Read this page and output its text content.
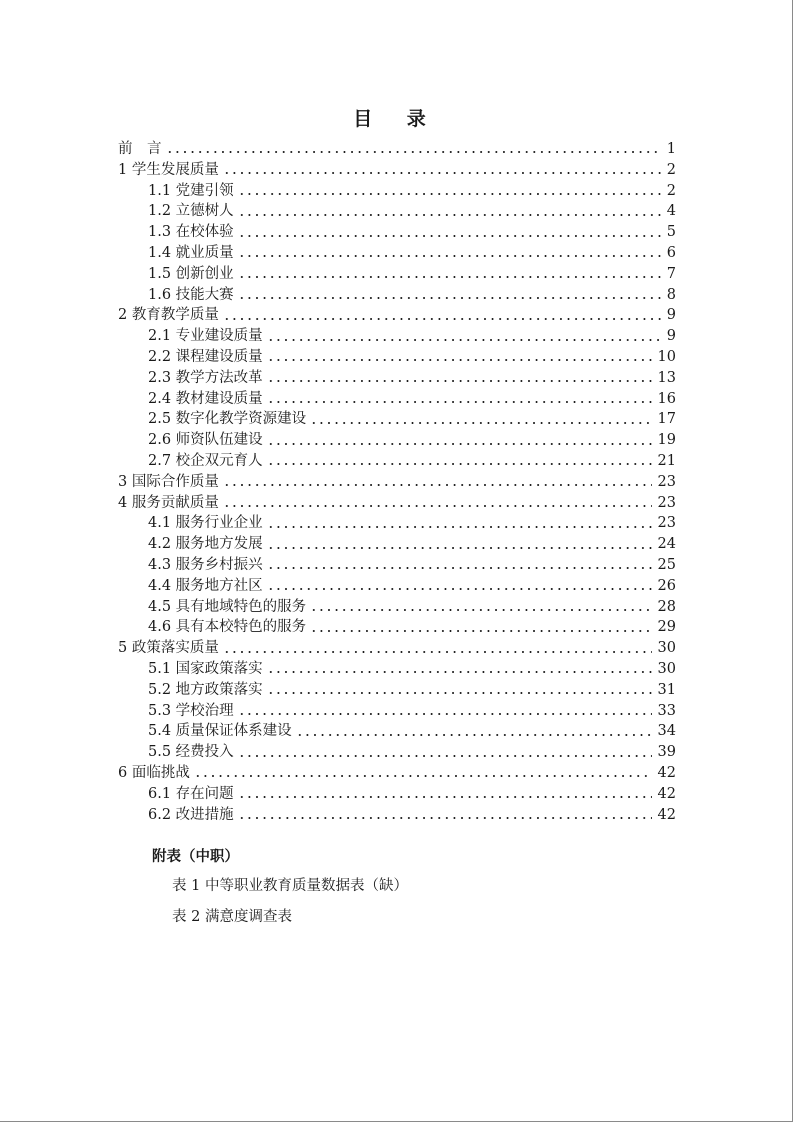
目 录
前　言	1
1 学生发展质量	2
1.1 党建引领	2
1.2 立德树人	4
1.3 在校体验	5
1.4 就业质量	6
1.5 创新创业	7
1.6 技能大赛	8
2 教育教学质量	9
2.1 专业建设质量	9
2.2 课程建设质量	10
2.3 教学方法改革	13
2.4 教材建设质量	16
2.5 数字化教学资源建设	17
2.6 师资队伍建设	19
2.7 校企双元育人	21
3 国际合作质量	23
4 服务贡献质量	23
4.1 服务行业企业	23
4.2 服务地方发展	24
4.3 服务乡村振兴	25
4.4 服务地方社区	26
4.5 具有地域特色的服务	28
4.6 具有本校特色的服务	29
5 政策落实质量	30
5.1 国家政策落实	30
5.2 地方政策落实	31
5.3 学校治理	33
5.4 质量保证体系建设	34
5.5 经费投入	39
6 面临挑战	42
6.1 存在问题	42
6.2 改进措施	42
附表（中职）
表 1 中等职业教育质量数据表（缺）
表 2 满意度调查表
